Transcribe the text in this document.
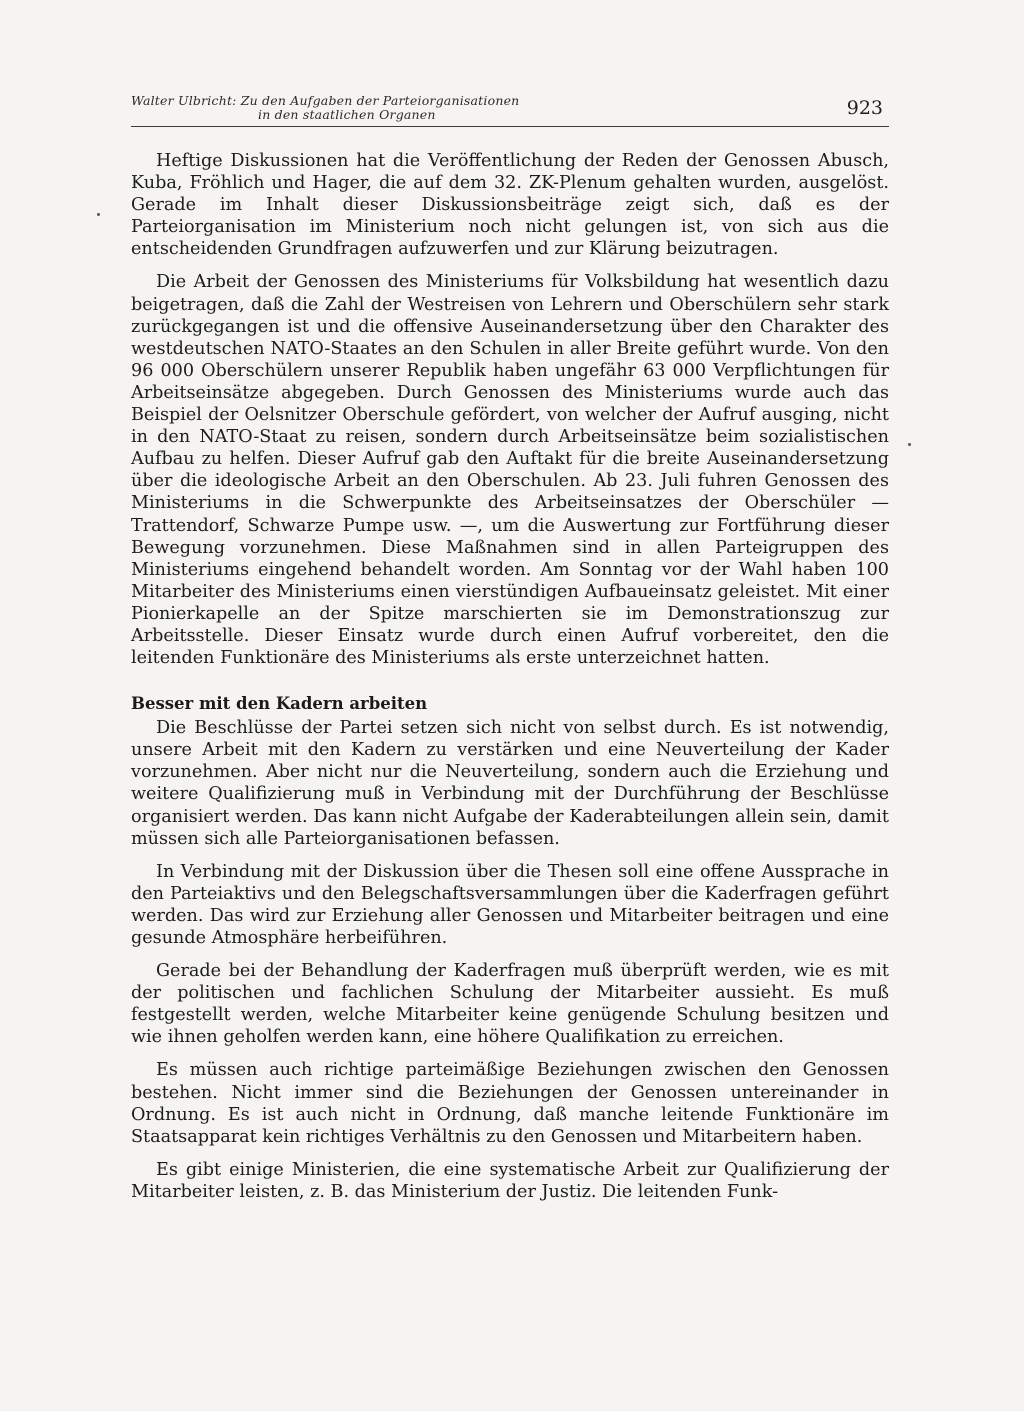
Walter Ulbricht: Zu den Aufgaben der Parteiorganisationen
in den staatlichen Organen	923

Heftige Diskussionen hat die Veröffentlichung der Reden der Genossen Abusch, Kuba, Fröhlich und Hager, die auf dem 32. ZK-Plenum gehalten wurden, ausgelöst. Gerade im Inhalt dieser Diskussionsbeiträge zeigt sich, daß es der Parteiorganisation im Ministerium noch nicht gelungen ist, von sich aus die entscheidenden Grundfragen aufzuwerfen und zur Klärung beizutragen.

Die Arbeit der Genossen des Ministeriums für Volksbildung hat wesentlich dazu beigetragen, daß die Zahl der Westreisen von Lehrern und Oberschülern sehr stark zurückgegangen ist und die offensive Auseinandersetzung über den Charakter des westdeutschen NATO-Staates an den Schulen in aller Breite geführt wurde. Von den 96 000 Oberschülern unserer Republik haben ungefähr 63 000 Verpflichtungen für Arbeitseinsätze abgegeben. Durch Genossen des Ministeriums wurde auch das Beispiel der Oelsnitzer Oberschule gefördert, von welcher der Aufruf ausging, nicht in den NATO-Staat zu reisen, sondern durch Arbeitseinsätze beim sozialistischen Aufbau zu helfen. Dieser Aufruf gab den Auftakt für die breite Auseinandersetzung über die ideologische Arbeit an den Oberschulen. Ab 23. Juli fuhren Genossen des Ministeriums in die Schwerpunkte des Arbeitseinsatzes der Oberschüler — Trattendorf, Schwarze Pumpe usw. —, um die Auswertung zur Fortführung dieser Bewegung vorzunehmen. Diese Maßnahmen sind in allen Parteigruppen des Ministeriums eingehend behandelt worden. Am Sonntag vor der Wahl haben 100 Mitarbeiter des Ministeriums einen vierstündigen Aufbaueinsatz geleistet. Mit einer Pionierkapelle an der Spitze marschierten sie im Demonstrationszug zur Arbeitsstelle. Dieser Einsatz wurde durch einen Aufruf vorbereitet, den die leitenden Funktionäre des Ministeriums als erste unterzeichnet hatten.

Besser mit den Kadern arbeiten

Die Beschlüsse der Partei setzen sich nicht von selbst durch. Es ist notwendig, unsere Arbeit mit den Kadern zu verstärken und eine Neuverteilung der Kader vorzunehmen. Aber nicht nur die Neuverteilung, sondern auch die Erziehung und weitere Qualifizierung muß in Verbindung mit der Durchführung der Beschlüsse organisiert werden. Das kann nicht Aufgabe der Kaderabteilungen allein sein, damit müssen sich alle Parteiorganisationen befassen.

In Verbindung mit der Diskussion über die Thesen soll eine offene Aussprache in den Parteiaktivs und den Belegschaftsversammlungen über die Kaderfragen geführt werden. Das wird zur Erziehung aller Genossen und Mitarbeiter beitragen und eine gesunde Atmosphäre herbeiführen.

Gerade bei der Behandlung der Kaderfragen muß überprüft werden, wie es mit der politischen und fachlichen Schulung der Mitarbeiter aussieht. Es muß festgestellt werden, welche Mitarbeiter keine genügende Schulung besitzen und wie ihnen geholfen werden kann, eine höhere Qualifikation zu erreichen.

Es müssen auch richtige parteimäßige Beziehungen zwischen den Genossen bestehen. Nicht immer sind die Beziehungen der Genossen untereinander in Ordnung. Es ist auch nicht in Ordnung, daß manche leitende Funktionäre im Staatsapparat kein richtiges Verhältnis zu den Genossen und Mitarbeitern haben.

Es gibt einige Ministerien, die eine systematische Arbeit zur Qualifizierung der Mitarbeiter leisten, z. B. das Ministerium der Justiz. Die leitenden Funk-
